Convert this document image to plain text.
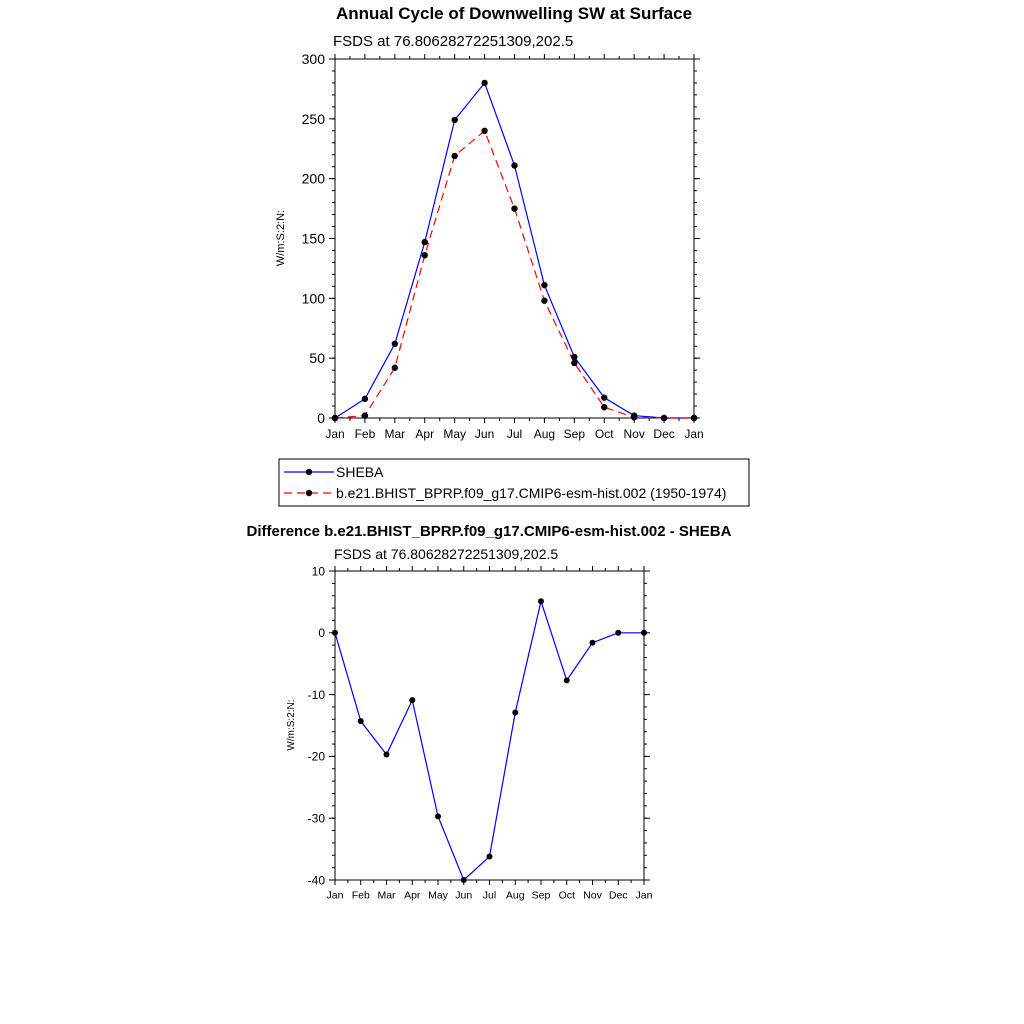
Annual Cycle of Downwelling SW at Surface
FSDS at 76.80628272251309,202.5
W/m:S:2:N:
Jan Feb Mar Apr May Jun Jul Aug Sep Oct Nov Dec Jan
0
50
100
150
200
250
300
SHEBA
b.e21.BHIST_BPRP.f09_g17.CMIP6-esm-hist.002 (1950-1974)
Difference b.e21.BHIST_BPRP.f09_g17.CMIP6-esm-hist.002 - SHEBA
FSDS at 76.80628272251309,202.5
W/m:S:2:N:
Jan Feb Mar Apr May Jun Jul Aug Sep Oct Nov Dec Jan
-40
-30
-20
-10
0
10
